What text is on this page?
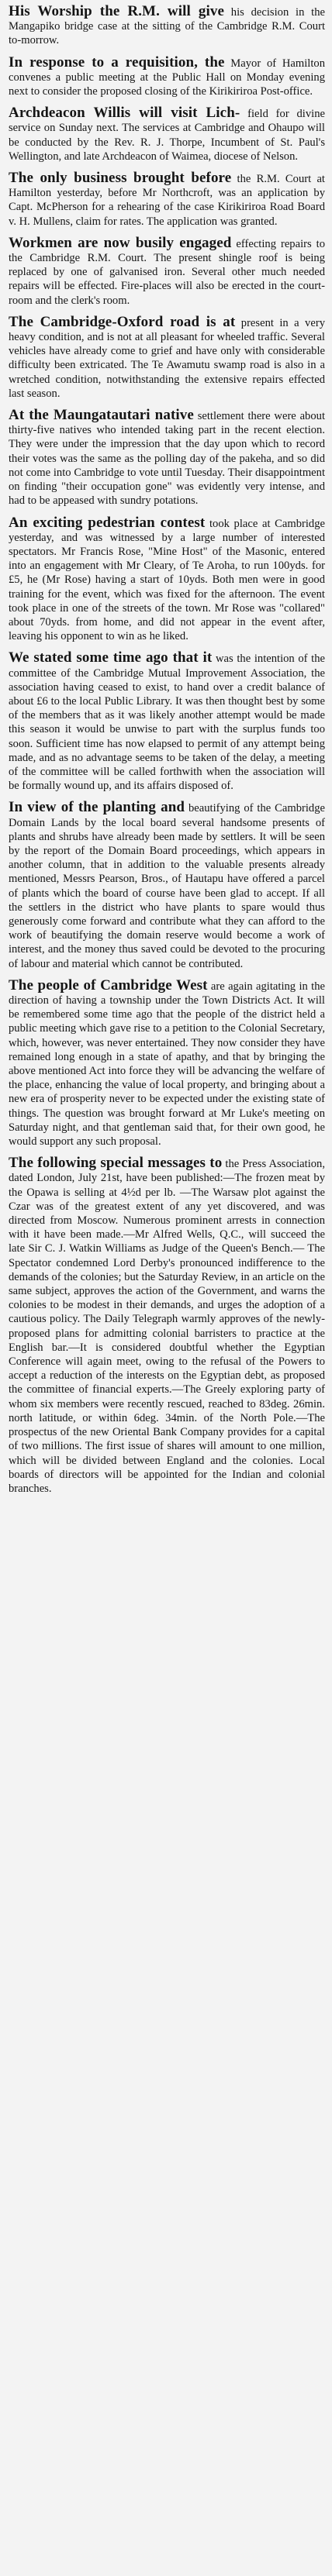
His Worship the R.M. will give his decision in the Mangapiko bridge case at the sitting of the Cambridge R.M. Court to-morrow.

In response to a requisition, the Mayor of Hamilton convenes a public meeting at the Public Hall on Monday evening next to consider the proposed closing of the Kirikiriroa Post-office.

Archdeacon Willis will visit Lich- field for divine service on Sunday next. The services at Cambridge and Ohaupo will be conducted by the Rev. R. J. Thorpe, Incumbent of St. Paul's Wellington, and late Archdeacon of Waimea, diocese of Nelson.

The only business brought before the R.M. Court at Hamilton yesterday, before Mr Northcroft, was an application by Capt. McPherson for a rehearing of the case Kirikiriroa Road Board v. H. Mullens, claim for rates. The application was granted.

Workmen are now busily engaged effecting repairs to the Cambridge R.M. Court. The present shingle roof is being replaced by one of galvanised iron. Several other much needed repairs will be effected. Fire-places will also be erected in the court-room and the clerk's room.

The Cambridge-Oxford road is at present in a very heavy condition, and is not at all pleasant for wheeled traffic. Several vehicles have already come to grief and have only with considerable difficulty been extricated. The Te Awamutu swamp road is also in a wretched condition, notwithstanding the extensive repairs effected last season.

At the Maungatautari native settlement there were about thirty-five natives who intended taking part in the recent election. They were under the impression that the day upon which to record their votes was the same as the polling day of the pakeha, and so did not come into Cambridge to vote until Tuesday. Their disappointment on finding "their occupation gone" was evidently very intense, and had to be appeased with sundry potations.

An exciting pedestrian contest took place at Cambridge yesterday, and was witnessed by a large number of interested spectators. Mr Francis Rose, "Mine Host" of the Masonic, entered into an engagement with Mr Cleary, of Te Aroha, to run 100yds. for £5, he (Mr Rose) having a start of 10yds. Both men were in good training for the event, which was fixed for the afternoon. The event took place in one of the streets of the town. Mr Rose was "collared" about 70yds. from home, and did not appear in the event after, leaving his opponent to win as he liked.

We stated some time ago that it was the intention of the committee of the Cambridge Mutual Improvement Association, the association having ceased to exist, to hand over a credit balance of about £6 to the local Public Library. It was then thought best by some of the members that as it was likely another attempt would be made this season it would be unwise to part with the surplus funds too soon. Sufficient time has now elapsed to permit of any attempt being made, and as no advantage seems to be taken of the delay, a meeting of the committee will be called forthwith when the association will be formally wound up, and its affairs disposed of.

In view of the planting and beautifying of the Cambridge Domain Lands by the local board several handsome presents of plants and shrubs have already been made by settlers. It will be seen by the report of the Domain Board proceedings, which appears in another column, that in addition to the valuable presents already mentioned, Messrs Pearson, Bros., of Hautapu have offered a parcel of plants which the board of course have been glad to accept. If all the settlers in the district who have plants to spare would thus generously come forward and contribute what they can afford to the work of beautifying the domain reserve would become a work of interest, and the money thus saved could be devoted to the procuring of labour and material which cannot be contributed.

The people of Cambridge West are again agitating in the direction of having a township under the Town Districts Act. It will be remembered some time ago that the people of the district held a public meeting which gave rise to a petition to the Colonial Secretary, which, however, was never entertained. They now consider they have remained long enough in a state of apathy, and that by bringing the above mentioned Act into force they will be advancing the welfare of the place, enhancing the value of local property, and bringing about a new era of prosperity never to be expected under the existing state of things. The question was brought forward at Mr Luke's meeting on Saturday night, and that gentleman said that, for their own good, he would support any such proposal.

The following special messages to the Press Association, dated London, July 21st, have been published:—The frozen meat by the Opawa is selling at 4½d per lb. —The Warsaw plot against the Czar was of the greatest extent of any yet discovered, and was directed from Moscow. Numerous prominent arrests in connection with it have been made.—Mr Alfred Wells, Q.C., will succeed the late Sir C. J. Watkin Williams as Judge of the Queen's Bench.— The Spectator condemned Lord Derby's pronounced indifference to the demands of the colonies; but the Saturday Review, in an article on the same subject, approves the action of the Government, and warns the colonies to be modest in their demands, and urges the adoption of a cautious policy. The Daily Telegraph warmly approves of the newly-proposed plans for admitting colonial barristers to practice at the English bar.—It is considered doubtful whether the Egyptian Conference will again meet, owing to the refusal of the Powers to accept a reduction of the interests on the Egyptian debt, as proposed the committee of financial experts.—The Greely exploring party of whom six members were recently rescued, reached to 83deg. 26min. north latitude, or within 6deg. 34min. of the North Pole.—The prospectus of the new Oriental Bank Company provides for a capital of two millions. The first issue of shares will amount to one million, which will be divided between England and the colonies. Local boards of directors will be appointed for the Indian and colonial branches.
